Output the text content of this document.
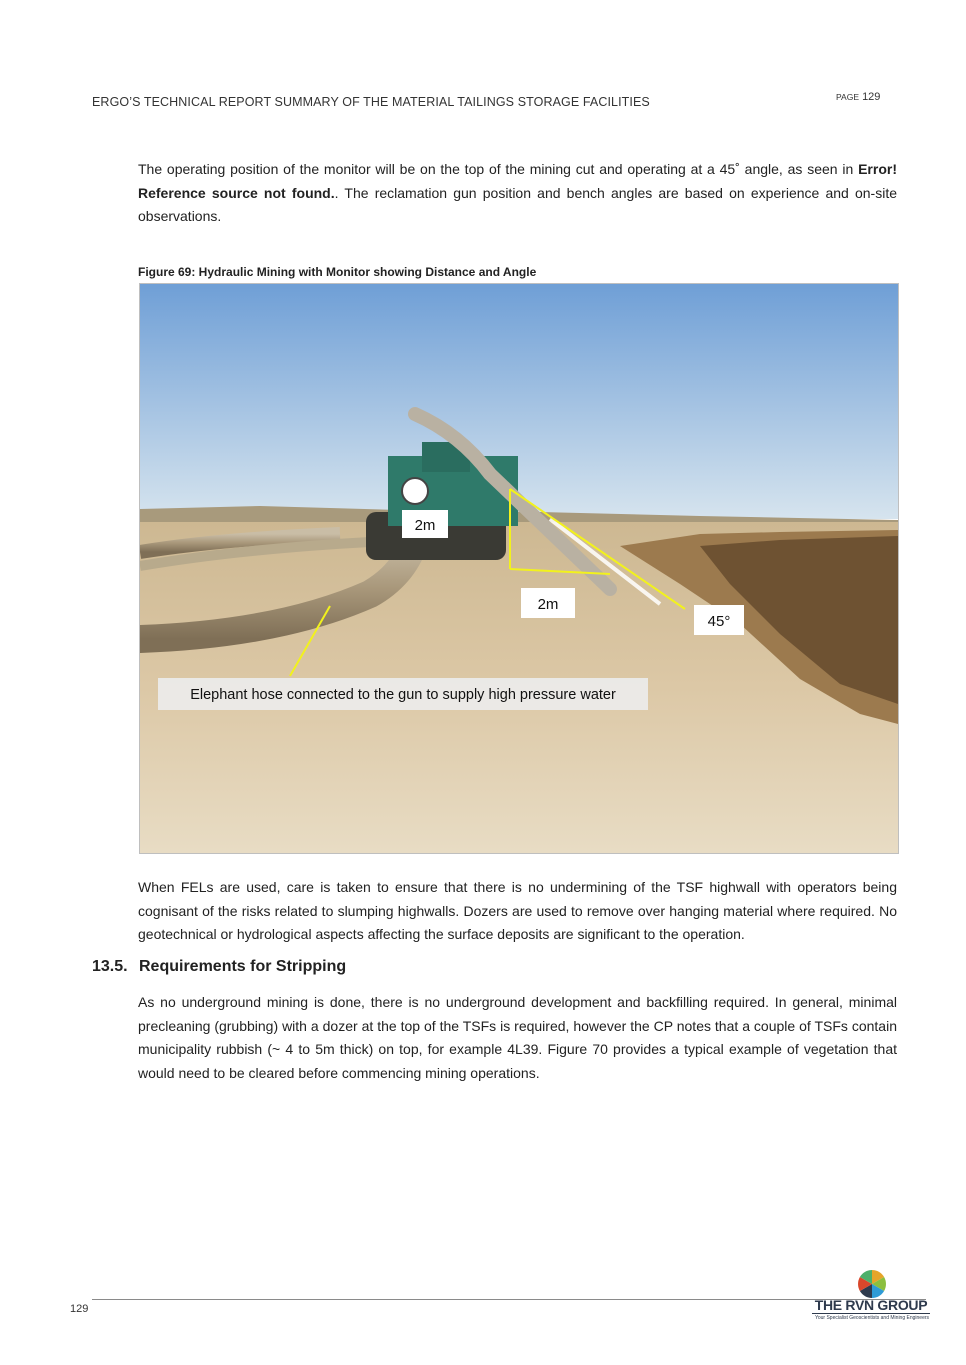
ERGO’S TECHNICAL REPORT SUMMARY OF THE MATERIAL TAILINGS STORAGE FACILITIES	PAGE 129
The operating position of the monitor will be on the top of the mining cut and operating at a 45˚ angle, as seen in Error! Reference source not found.. The reclamation gun position and bench angles are based on experience and on-site observations.
Figure 69: Hydraulic Mining with Monitor showing Distance and Angle
2m
2m
45°
Elephant hose connected to the gun to supply high pressure water
When FELs are used, care is taken to ensure that there is no undermining of the TSF highwall with operators being cognisant of the risks related to slumping highwalls. Dozers are used to remove over hanging material where required. No geotechnical or hydrological aspects affecting the surface deposits are significant to the operation.
13.5. Requirements for Stripping
As no underground mining is done, there is no underground development and backfilling required. In general, minimal precleaning (grubbing) with a dozer at the top of the TSFs is required, however the CP notes that a couple of TSFs contain municipality rubbish (~ 4 to 5m thick) on top, for example 4L39. Figure 70 provides a typical example of vegetation that would need to be cleared before commencing mining operations.
129	THE RVN GROUP
Your Specialist Geoscientists and Mining Engineers
